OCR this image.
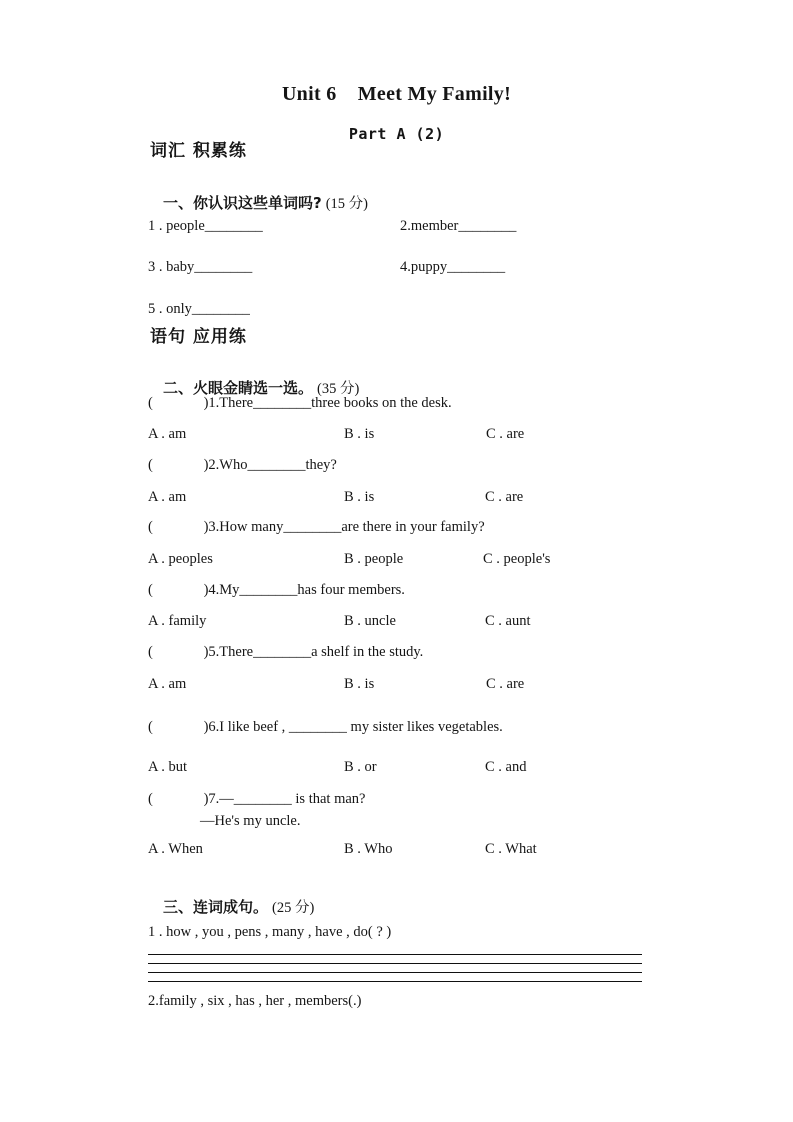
Unit 6    Meet My Family!
Part A (2)
词汇 积累练

一、你认识这些单词吗? (15 分)

1 . people________	2.member________
3 . baby________	4.puppy________
5 . only________
语句 应用练

二、火眼金睛选一选。 (35 分)

(              )1.There________three books on the desk.
A . am	B . is	C . are
(              )2.Who________they?
A . am	B . is	C . are
(              )3.How many________are there in your family?
A . peoples	B . people	C . people's
(              )4.My________has four members.
A . family	B . uncle	C . aunt
(              )5.There________a shelf in the study.
A . am	B . is	C . are
(              )6.I like beef , ________ my sister likes vegetables.
A . but	B . or	C . and
(              )7.—________ is that man?
—He's my uncle.
A . When	B . Who	C . What

三、连词成句。 (25 分)

1 . how , you , pens , many , have , do( ? )
2.family , six , has , her , members(.)
